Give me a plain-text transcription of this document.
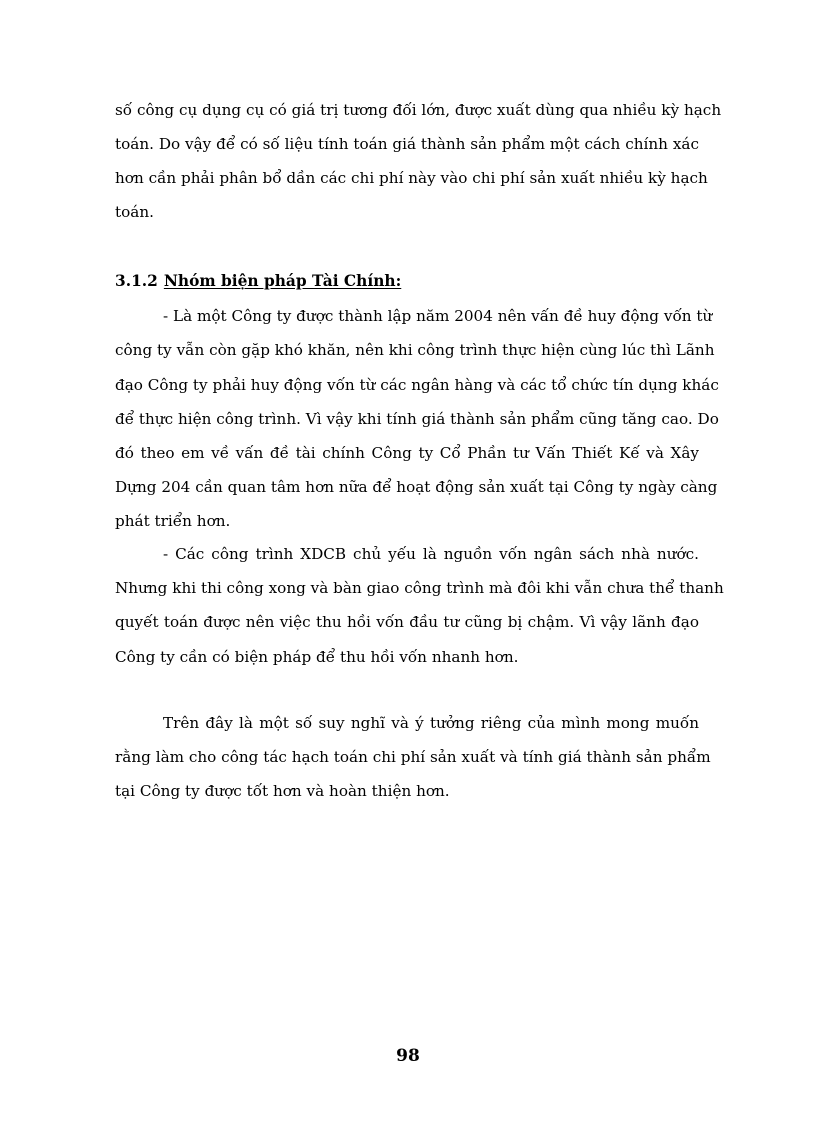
số công cụ dụng cụ có giá trị tương đối lớn, được xuất dùng qua nhiều kỳ hạch
toán. Do vậy để có số liệu tính toán giá thành sản phẩm một cách chính xác
hơn cần phải phân bổ dần các chi phí này vào chi phí sản xuất nhiều kỳ hạch
toán.
3.1.2 Nhóm biện pháp Tài Chính:
- Là một Công ty được thành lập năm 2004 nên vấn đề huy động vốn từ
công ty vẫn còn gặp khó khăn, nên khi công trình thực hiện cùng lúc thì Lãnh
đạo Công ty phải huy động vốn từ các ngân hàng và các tổ chức tín dụng khác
để thực hiện công trình. Vì vậy khi tính giá thành sản phẩm cũng tăng cao. Do
đó theo em về vấn đề tài chính Công ty Cổ Phần tư Vấn Thiết Kế và Xây
Dựng 204 cần quan tâm hơn nữa để hoạt động sản xuất tại Công ty ngày càng
phát triển hơn.
- Các công trình XDCB chủ yếu là nguồn vốn ngân sách nhà nước.
Nhưng khi thi công xong và bàn giao công trình mà đôi khi vẫn chưa thể thanh
quyết toán được nên việc thu hồi vốn đầu tư cũng bị chậm. Vì vậy lãnh đạo
Công ty cần có biện pháp để thu hồi vốn nhanh hơn.
Trên đây là một số suy nghĩ và ý tưởng riêng của mình mong muốn
rằng làm cho công tác hạch toán chi phí sản xuất và tính giá thành sản phẩm
tại Công ty được tốt hơn và hoàn thiện hơn.
98
